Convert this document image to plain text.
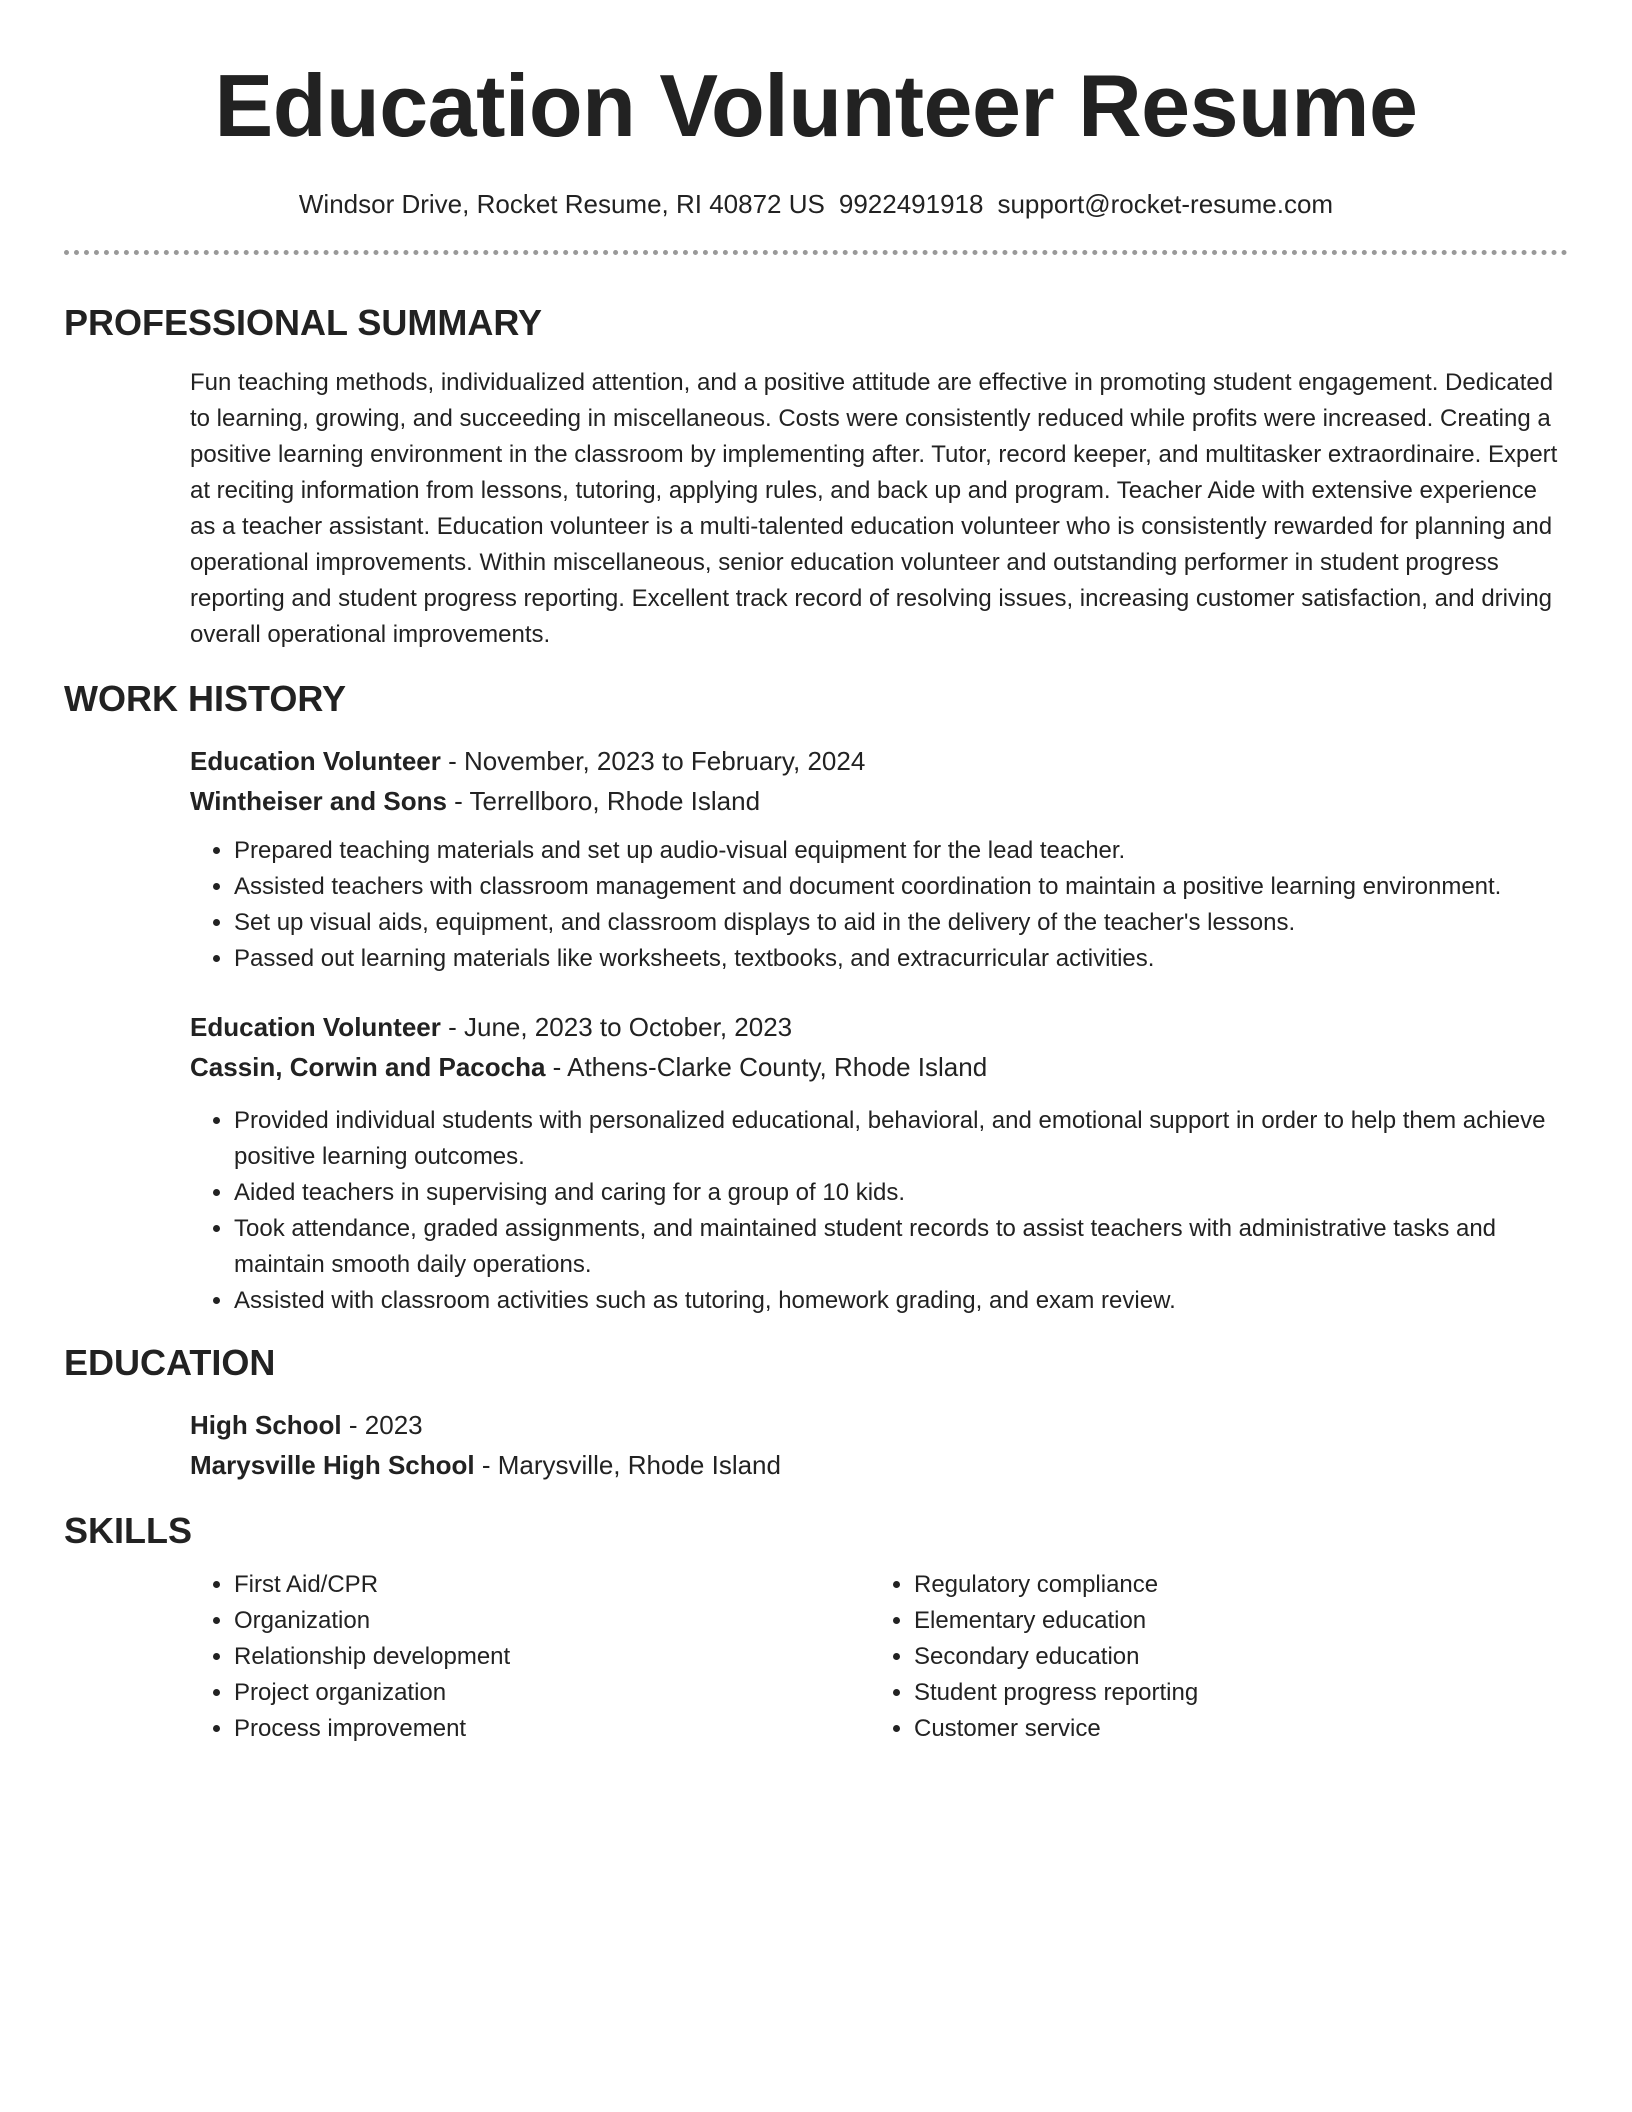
Education Volunteer Resume
Windsor Drive, Rocket Resume, RI 40872 US 9922491918 support@rocket-resume.com
PROFESSIONAL SUMMARY

Fun teaching methods, individualized attention, and a positive attitude are effective in promoting student engagement. Dedicated to learning, growing, and succeeding in miscellaneous. Costs were consistently reduced while profits were increased. Creating a positive learning environment in the classroom by implementing after. Tutor, record keeper, and multitasker extraordinaire. Expert at reciting information from lessons, tutoring, applying rules, and back up and program. Teacher Aide with extensive experience as a teacher assistant. Education volunteer is a multi-talented education volunteer who is consistently rewarded for planning and operational improvements. Within miscellaneous, senior education volunteer and outstanding performer in student progress reporting and student progress reporting. Excellent track record of resolving issues, increasing customer satisfaction, and driving overall operational improvements.

WORK HISTORY
Education Volunteer - November, 2023 to February, 2024
Wintheiser and Sons - Terrellboro, Rhode Island
• Prepared teaching materials and set up audio-visual equipment for the lead teacher.
• Assisted teachers with classroom management and document coordination to maintain a positive learning environment.
• Set up visual aids, equipment, and classroom displays to aid in the delivery of the teacher's lessons.
• Passed out learning materials like worksheets, textbooks, and extracurricular activities.
Education Volunteer - June, 2023 to October, 2023
Cassin, Corwin and Pacocha - Athens-Clarke County, Rhode Island
• Provided individual students with personalized educational, behavioral, and emotional support in order to help them achieve positive learning outcomes.
• Aided teachers in supervising and caring for a group of 10 kids.
• Took attendance, graded assignments, and maintained student records to assist teachers with administrative tasks and maintain smooth daily operations.
• Assisted with classroom activities such as tutoring, homework grading, and exam review.
EDUCATION
High School - 2023
Marysville High School - Marysville, Rhode Island
SKILLS
• First Aid/CPR
• Organization
• Relationship development
• Project organization
• Process improvement
• Regulatory compliance
• Elementary education
• Secondary education
• Student progress reporting
• Customer service
